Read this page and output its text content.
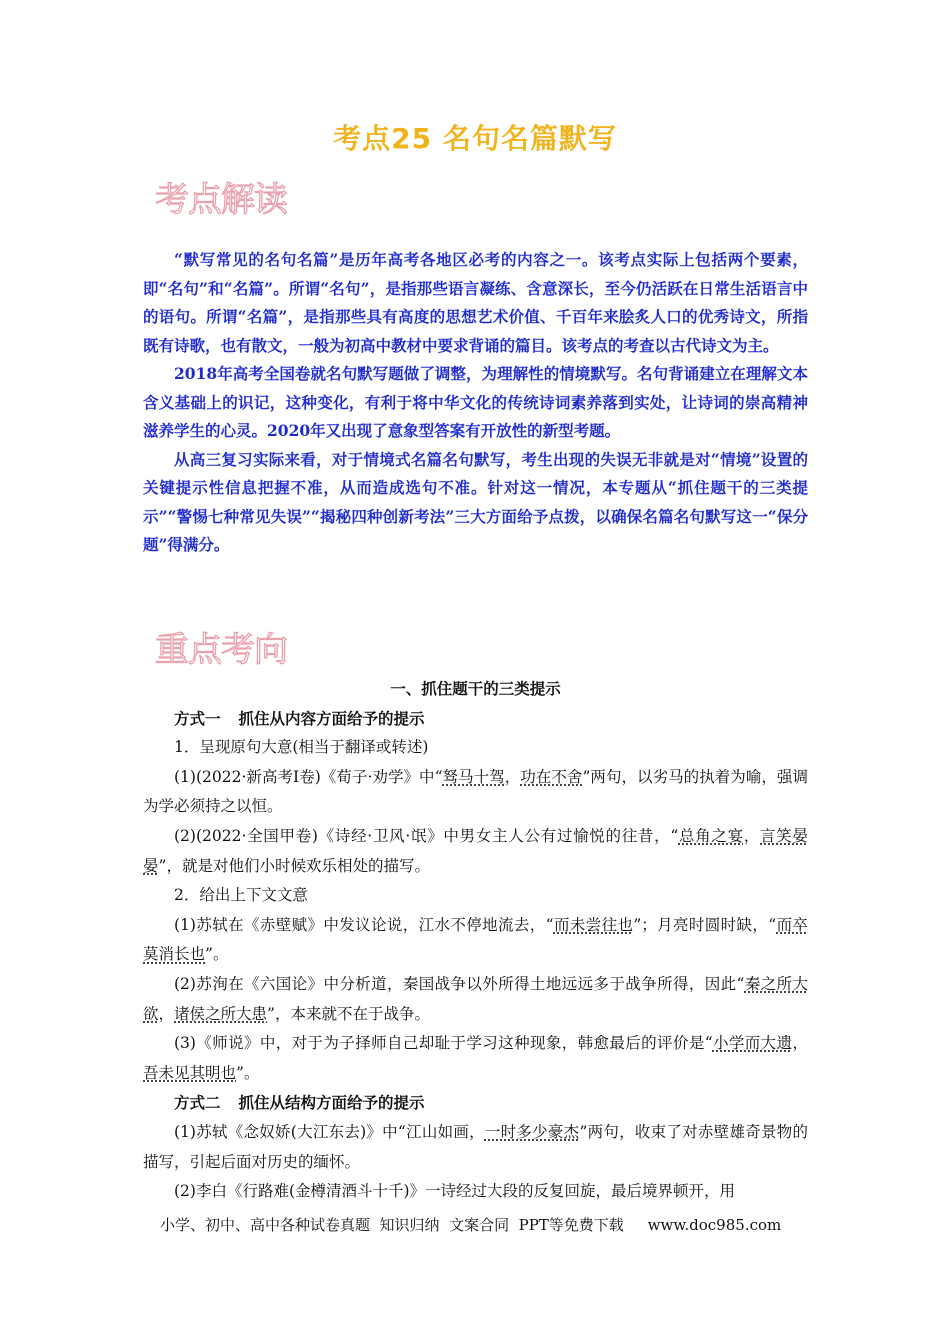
考点25 名句名篇默写
考点解读

“默写常见的名句名篇”是历年高考各地区必考的内容之一。该考点实际上包括两个要素，即“名句”和“名篇”。所谓“名句”，是指那些语言凝练、含意深长，至今仍活跃在日常生活语言中的语句。所谓“名篇”，是指那些具有高度的思想艺术价值、千百年来脍炙人口的优秀诗文，所指既有诗歌，也有散文，一般为初高中教材中要求背诵的篇目。该考点的考查以古代诗文为主。

2018年高考全国卷就名句默写题做了调整，为理解性的情境默写。名句背诵建立在理解文本含义基础上的识记，这种变化，有利于将中华文化的传统诗词素养落到实处，让诗词的崇高精神滋养学生的心灵。2020年又出现了意象型答案有开放性的新型考题。

从高三复习实际来看，对于情境式名篇名句默写，考生出现的失误无非就是对“情境”设置的关键提示性信息把握不准，从而造成选句不准。针对这一情况，本专题从“抓住题干的三类提示”“警惕七种常见失误”“揭秘四种创新考法”三大方面给予点拨，以确保名篇名句默写这一“保分题”得满分。

重点考向

一、抓住题干的三类提示

方式一 抓住从内容方面给予的提示

1．呈现原句大意(相当于翻译或转述)

(1)(2022·新高考Ⅰ卷)《荀子·劝学》中“驽马十驾，功在不舍”两句，以劣马的执着为喻，强调为学必须持之以恒。

(2)(2022·全国甲卷)《诗经·卫风·氓》中男女主人公有过愉悦的往昔，“总角之宴，言笑晏晏”，就是对他们小时候欢乐相处的描写。

2．给出上下文文意

(1)苏轼在《赤壁赋》中发议论说，江水不停地流去，“而未尝往也”；月亮时圆时缺，“而卒莫消长也”。

(2)苏洵在《六国论》中分析道，秦国战争以外所得土地远远多于战争所得，因此“秦之所大欲，诸侯之所大患”，本来就不在于战争。

(3)《师说》中，对于为子择师自己却耻于学习这种现象，韩愈最后的评价是“小学而大遗，吾未见其明也”。

方式二 抓住从结构方面给予的提示

(1)苏轼《念奴娇(大江东去)》中“江山如画，一时多少豪杰”两句，收束了对赤壁雄奇景物的描写，引起后面对历史的缅怀。

(2)李白《行路难(金樽清酒斗十千)》一诗经过大段的反复回旋，最后境界顿开，用

小学、初中、高中各种试卷真题  知识归纳  文案合同  PPT等免费下载     www.doc985.com
